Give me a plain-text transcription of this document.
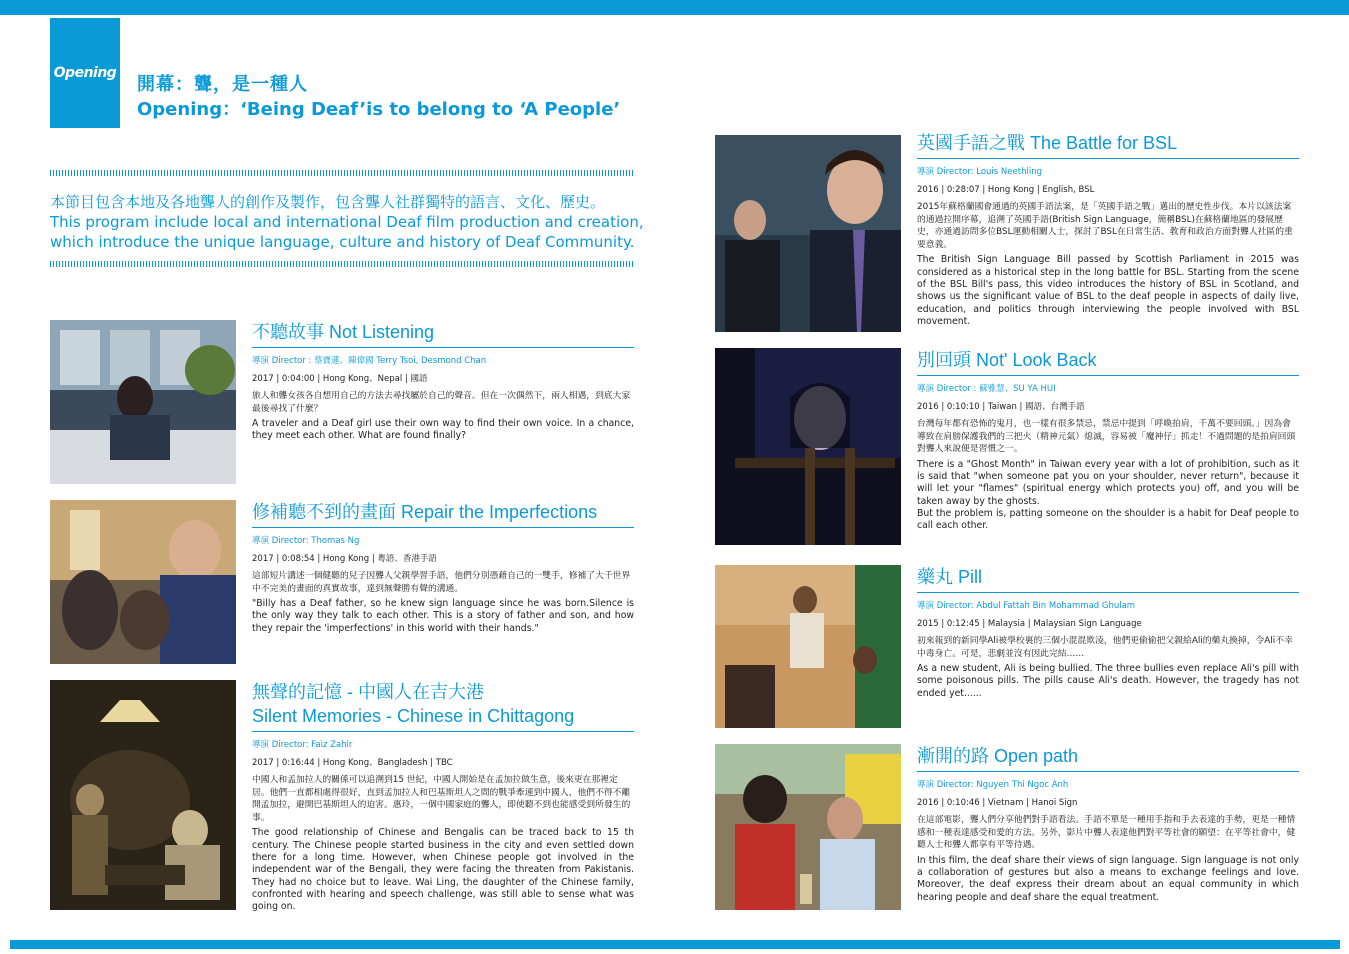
Opening
開幕：聾，是一種人
Opening：‘Being Deaf’is to belong to ‘A People’

本節目包含本地及各地聾人的創作及製作，包含聾人社群獨特的語言、文化、歷史。

This program include local and international Deaf film production and creation,

which introduce the unique language, culture and history of Deaf Community.

不聽故事 Not Listening
導演 Director : 蔡寶蓮、陳偉國 Terry Tsoi, Desmond Chan
2017 | 0:04:00 | Hong Kong、Nepal | 國語
旅人和聾女孩各自想用自己的方法去尋找屬於自己的聲音。但在一次偶然下，兩人相遇，到底大家最後尋找了什麼？
A traveler and a Deaf girl use their own way to find their own voice. In a chance, they meet each other. What are found finally?
修補聽不到的畫面 Repair the Imperfections
導演 Director: Thomas Ng
2017 | 0:08:54 | Hong Kong | 粵語、香港手語
這部短片講述一個健聽的兒子因聾人父親學習手語，他們分別憑藉自己的一雙手，修補了大千世界中不完美的畫面的真實故事，達到無聲勝有聲的溝通。
"Billy has a Deaf father, so he knew sign language since he was born.Silence is the only way they talk to each other. This is a story of father and son, and how they repair the 'imperfections' in this world with their hands."
無聲的記憶 - 中國人在吉大港
Silent Memories - Chinese in Chittagong
導演 Director: Faiz Zahir
2017 | 0:16:44 | Hong Kong、Bangladesh | TBC
中國人和孟加拉人的關係可以追溯到15 世紀，中國人開始是在孟加拉做生意，後來更在那裡定居。他們一直都相處得很好，直到孟加拉人和巴基斯坦人之間的戰爭牽連到中國人，他們不得不離開孟加拉，避開巴基斯坦人的迫害。惠玲，一個中國家庭的聾人，即使聽不到也能感受到所發生的事。
The good relationship of Chinese and Bengalis can be traced back to 15 th century. The Chinese people started business in the city and even settled down there for a long time. However, when Chinese people got involved in the independent war of the Bengali, they were facing the threaten from Pakistanis. They had no choice but to leave. Wai Ling, the daughter of the Chinese family, confronted with hearing and speech challenge, was still able to sense what was going on.
英國手語之戰 The Battle for BSL
導演 Director: Louis Neethling
2016 | 0:28:07 | Hong Kong | English, BSL
2015年蘇格蘭國會通過的英國手語法案，是「英國手語之戰」邁出的歷史性步伐。本片以該法案的通過拉開序幕，追溯了英國手語(British Sign Language，簡稱BSL)在蘇格蘭地區的發展歷史，亦通過訪問多位BSL運動相關人士，探討了BSL在日常生活、教育和政治方面對聾人社區的重要意義。
The British Sign Language Bill passed by Scottish Parliament in 2015 was considered as a historical step in the long battle for BSL. Starting from the scene of the BSL Bill's pass, this video introduces the history of BSL in Scotland, and shows us the significant value of BSL to the deaf people in aspects of daily live, education, and politics through interviewing the people involved with BSL movement.
別回頭 Not' Look Back
導演 Director : 蘇雅慧、SU YA HUI
2016 | 0:10:10 | Taiwan | 國語、台灣手語
台灣每年都有恐怖的鬼月，也一樣有很多禁忌，禁忌中提到「呼喚拍肩，千萬不要回頭。」因為會導致在肩膀保護我們的三把火（精神元氣）熄滅，容易被「魔神仔」抓走！不過問題的是拍肩回頭對聾人來說便是習慣之一。
There is a "Ghost Month" in Taiwan every year with a lot of prohibition, such as it is said that "when someone pat you on your shoulder, never return", because it will let your "flames" (spiritual energy which protects you) off, and you will be taken away by the ghosts.
But the problem is, patting someone on the shoulder is a habit for Deaf people to call each other.
藥丸 Pill
導演 Director: Abdul Fattah Bin Mohammad Ghulam
2015 | 0:12:45 | Malaysia | Malaysian Sign Language
初來報到的新同學Ali被學校裏的三個小混混欺凌，他們更偷偷把父親給Ali的藥丸換掉，令Ali不幸中毒身亡。可是，悲劇並沒有因此完結……
As a new student, Ali is being bullied. The three bullies even replace Ali's pill with some poisonous pills. The pills cause Ali's death. However, the tragedy has not ended yet......
漸開的路 Open path
導演 Director: Nguyen Thi Ngoc Anh
2016 | 0:10:46 | Vietnam | Hanoi Sign
在這部電影，聾人們分享他們對手語看法。手語不單是一種用手指和手去表達的手勢，更是一種情感和一種表達感受和愛的方法。另外，影片中聾人表達他們對平等社會的願望：在平等社會中，健聽人士和聾人都享有平等待遇。
In this film, the deaf share their views of sign language. Sign language is not only a collaboration of gestures but also a means to exchange feelings and love. Moreover, the deaf express their dream about an equal community in which hearing people and deaf share the equal treatment.
